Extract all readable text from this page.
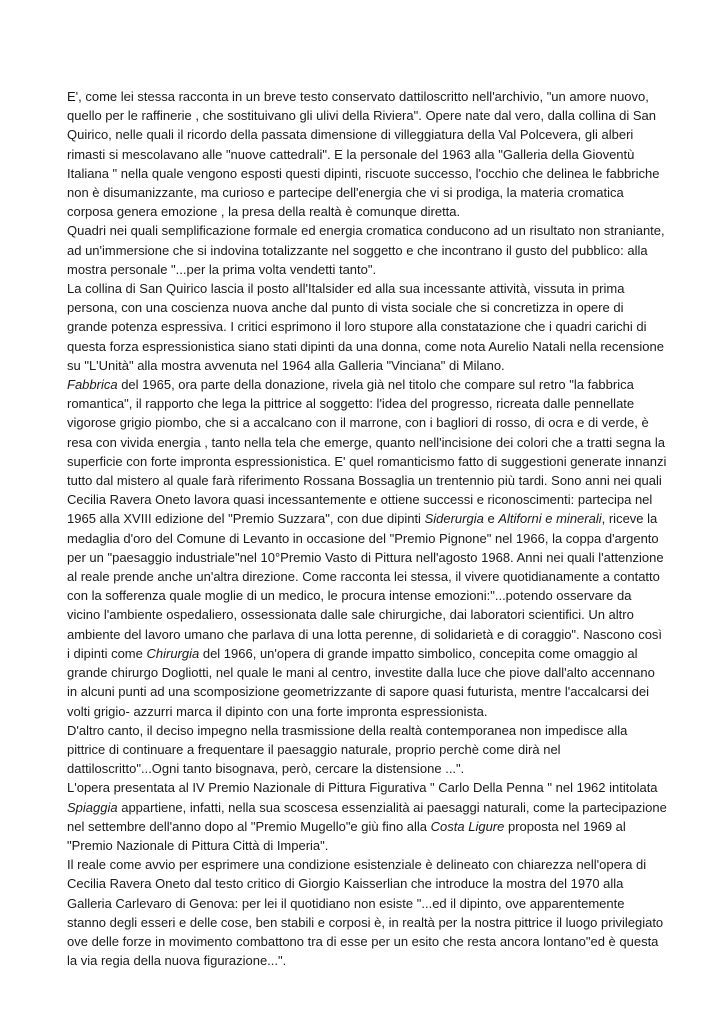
E', come lei stessa racconta in un breve testo conservato dattiloscritto nell'archivio, "un amore nuovo, quello per le raffinerie , che sostituivano gli ulivi della Riviera". Opere nate dal vero, dalla collina di San Quirico, nelle quali il ricordo della passata dimensione di villeggiatura della Val Polcevera, gli alberi rimasti si mescolavano alle "nuove cattedrali". E la personale del 1963 alla "Galleria della Gioventù Italiana " nella quale vengono esposti questi dipinti, riscuote successo, l'occhio che delinea le fabbriche non è disumanizzante, ma curioso e partecipe dell'energia che vi si prodiga, la materia cromatica corposa genera emozione , la presa della realtà è comunque diretta.

Quadri nei quali semplificazione formale ed energia cromatica conducono ad un risultato non straniante, ad un'immersione che si indovina totalizzante nel soggetto e che incontrano il gusto del pubblico: alla mostra personale "...per la prima volta vendetti tanto".

La collina di San Quirico lascia il posto all'Italsider ed alla sua incessante attività, vissuta in prima persona, con una coscienza nuova anche dal punto di vista sociale che si concretizza in opere di grande potenza espressiva. I critici esprimono il loro stupore alla constatazione che i quadri carichi di questa forza espressionistica siano stati dipinti da una donna, come nota Aurelio Natali nella recensione su "L'Unità" alla mostra avvenuta nel 1964 alla Galleria "Vinciana" di Milano.

Fabbrica del 1965, ora parte della donazione, rivela già nel titolo che compare sul retro "la fabbrica romantica", il rapporto che lega la pittrice al soggetto: l'idea del progresso, ricreata dalle pennellate vigorose grigio piombo, che si a accalcano con il marrone, con i bagliori di rosso, di ocra e di verde, è resa con vivida energia , tanto nella tela che emerge, quanto nell'incisione dei colori che a tratti segna la superficie con forte impronta espressionistica. E' quel romanticismo fatto di suggestioni generate innanzi tutto dal mistero al quale farà riferimento Rossana Bossaglia un trentennio più tardi. Sono anni nei quali Cecilia Ravera Oneto lavora quasi incessantemente e ottiene successi e riconoscimenti: partecipa nel 1965 alla XVIII edizione del "Premio Suzzara", con due dipinti Siderurgia e Altiforni e minerali, riceve la medaglia d'oro del Comune di Levanto in occasione del "Premio Pignone" nel 1966, la coppa d'argento per un "paesaggio industriale"nel 10°Premio Vasto di Pittura nell'agosto 1968. Anni nei quali l'attenzione al reale prende anche un'altra direzione. Come racconta lei stessa, il vivere quotidianamente a contatto con la sofferenza quale moglie di un medico, le procura intense emozioni:"...potendo osservare da vicino l'ambiente ospedaliero, ossessionata dalle sale chirurgiche, dai laboratori scientifici. Un altro ambiente del lavoro umano che parlava di una lotta perenne, di solidarietà e di coraggio". Nascono così i dipinti come Chirurgia del 1966, un'opera di grande impatto simbolico, concepita come omaggio al grande chirurgo Dogliotti, nel quale le mani al centro, investite dalla luce che piove dall'alto accennano in alcuni punti ad una scomposizione geometrizzante di sapore quasi futurista, mentre l'accalcarsi dei volti grigio- azzurri marca il dipinto con una forte impronta espressionista.

D'altro canto, il deciso impegno nella trasmissione della realtà contemporanea non impedisce alla pittrice di continuare a frequentare il paesaggio naturale, proprio perchè come dirà nel dattiloscritto"...Ogni tanto bisognava, però, cercare la distensione ...".

L'opera presentata al IV Premio Nazionale di Pittura Figurativa " Carlo Della Penna " nel 1962 intitolata Spiaggia appartiene, infatti, nella sua scoscesa essenzialità ai paesaggi naturali, come la partecipazione nel settembre dell'anno dopo al "Premio Mugello"e giù fino alla Costa Ligure proposta nel 1969 al "Premio Nazionale di Pittura Città di Imperia".

Il reale come avvio per esprimere una condizione esistenziale è delineato con chiarezza nell'opera di Cecilia Ravera Oneto dal testo critico di Giorgio Kaisserlian che introduce la mostra del 1970 alla Galleria Carlevaro di Genova: per lei il quotidiano non esiste "...ed il dipinto, ove apparentemente stanno degli esseri e delle cose, ben stabili e corposi è, in realtà per la nostra pittrice il luogo privilegiato ove delle forze in movimento combattono tra di esse per un esito che resta ancora lontano"ed è questa la via regia della nuova figurazione...".
